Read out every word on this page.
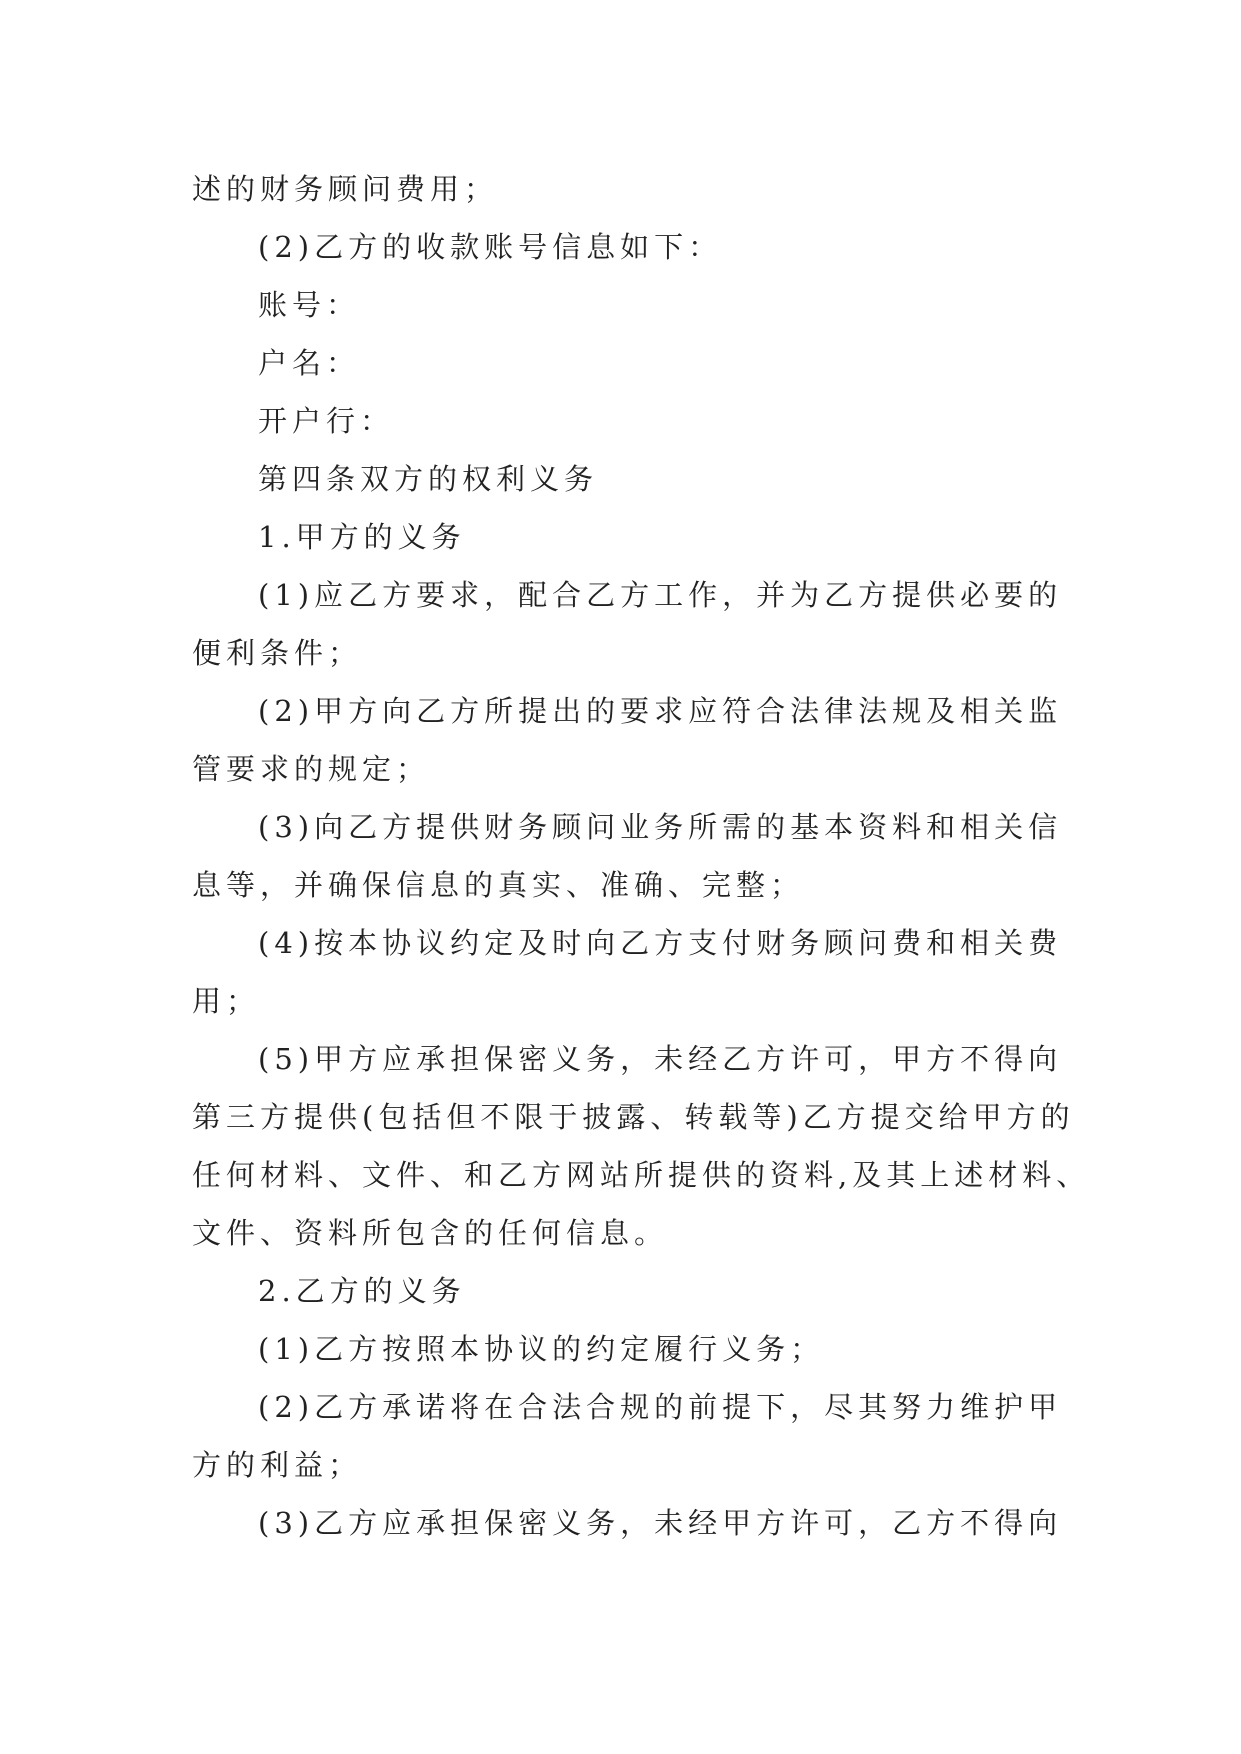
述的财务顾问费用；
(2)乙方的收款账号信息如下：
账号：
户名：
开户行：
第四条双方的权利义务
1.甲方的义务
(1)应乙方要求，配合乙方工作，并为乙方提供必要的
便利条件；
(2)甲方向乙方所提出的要求应符合法律法规及相关监
管要求的规定；
(3)向乙方提供财务顾问业务所需的基本资料和相关信
息等，并确保信息的真实、准确、完整；
(4)按本协议约定及时向乙方支付财务顾问费和相关费
用；
(5)甲方应承担保密义务，未经乙方许可，甲方不得向
第三方提供(包括但不限于披露、转载等)乙方提交给甲方的
任何材料、文件、和乙方网站所提供的资料,及其上述材料、
文件、资料所包含的任何信息。
2.乙方的义务
(1)乙方按照本协议的约定履行义务；
(2)乙方承诺将在合法合规的前提下，尽其努力维护甲
方的利益；
(3)乙方应承担保密义务，未经甲方许可，乙方不得向
